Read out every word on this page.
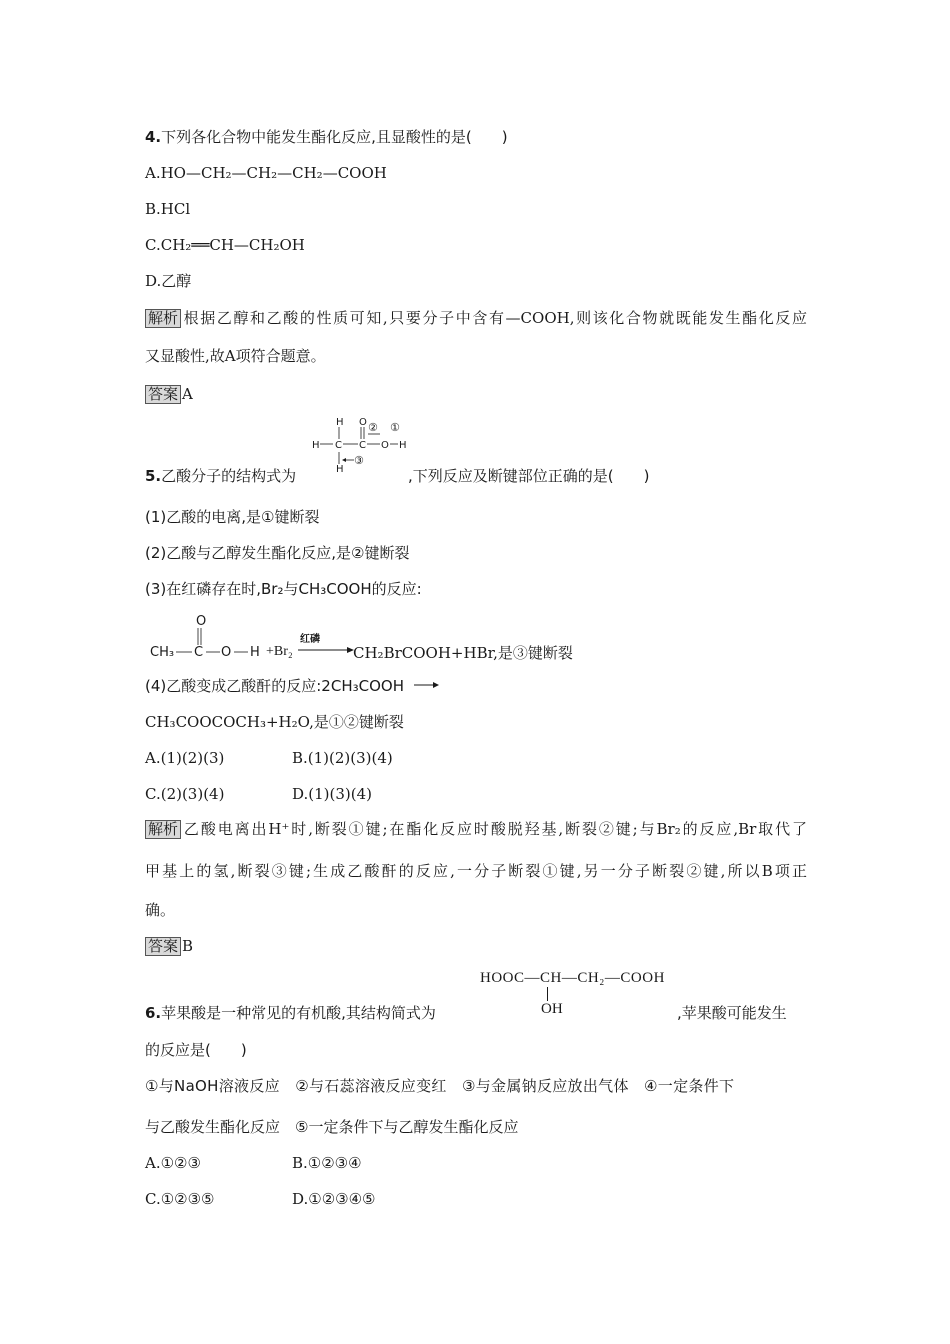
4.下列各化合物中能发生酯化反应,且显酸性的是(　　)
A.HO—CH₂—CH₂—CH₂—COOH
B.HCl
C.CH₂══CH—CH₂OH
D.乙醇
解析 根据乙醇和乙酸的性质可知,只要分子中含有—COOH,则该化合物就既能发生酯化反应
又显酸性,故A项符合题意。
答案 A
H
H C C
O ②
O
①
H
③
H
5.乙酸分子的结构式为	,下列反应及断键部位正确的是(　　)
(1)乙酸的电离,是①键断裂
(2)乙酸与乙醇发生酯化反应,是②键断裂
(3)在红磷存在时,Br₂与CH₃COOH的反应:
O
CH₃ C O H +Br₂
红磷
CH₂BrCOOH+HBr,是③键断裂
(4)乙酸变成乙酸酐的反应:2CH₃COOH →
CH₃COOCOCH₃+H₂O,是①②键断裂
A.(1)(2)(3)	B.(1)(2)(3)(4)
C.(2)(3)(4)	D.(1)(3)(4)
解析 乙酸电离出H⁺时,断裂①键;在酯化反应时酸脱羟基,断裂②键;与Br₂的反应,Br取代了
甲基上的氢,断裂③键;生成乙酸酐的反应,一分子断裂①键,另一分子断裂②键,所以B项正
确。
答案 B
HOOC—CH—CH₂—COOH
OH
6.苹果酸是一种常见的有机酸,其结构简式为	,苹果酸可能发生
的反应是(　　)
①与NaOH溶液反应　②与石蕊溶液反应变红　③与金属钠反应放出气体　④一定条件下
与乙酸发生酯化反应　⑤一定条件下与乙醇发生酯化反应
A.①②③	B.①②③④
C.①②③⑤	D.①②③④⑤
